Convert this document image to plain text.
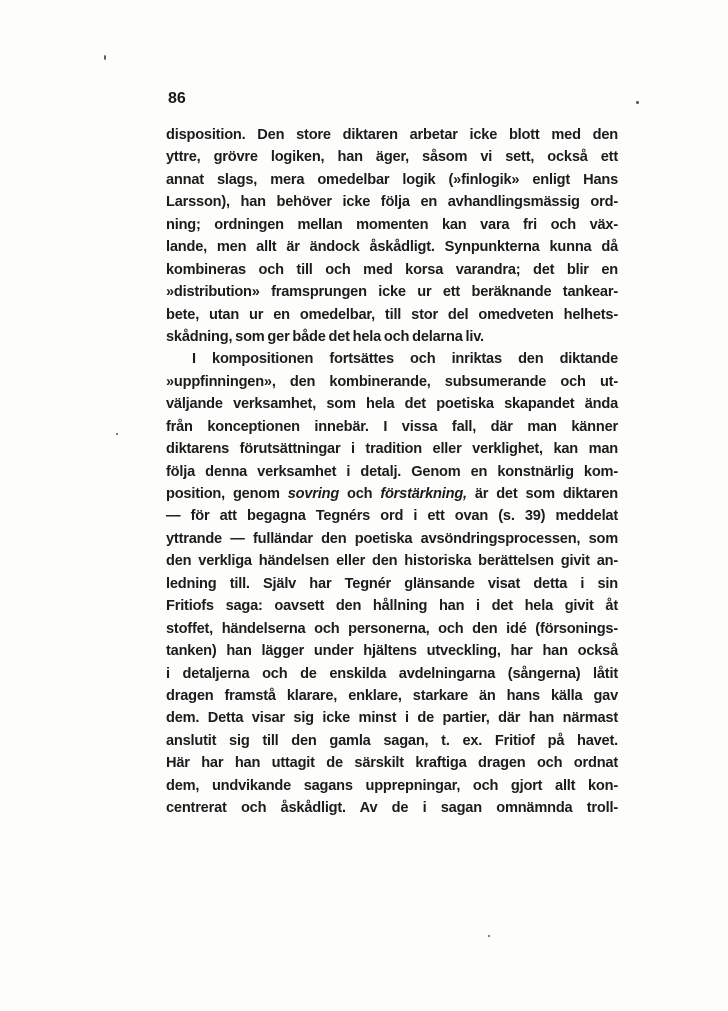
86
disposition. Den store diktaren arbetar icke blott med den
yttre, grövre logiken, han äger, såsom vi sett, också ett
annat slags, mera omedelbar logik (»finlogik» enligt Hans
Larsson), han behöver icke följa en avhandlingsmässig ord-
ning; ordningen mellan momenten kan vara fri och väx-
lande, men allt är ändock åskådligt. Synpunkterna kunna då
kombineras och till och med korsa varandra; det blir en
»distribution» framsprungen icke ur ett beräknande tankear-
bete, utan ur en omedelbar, till stor del omedveten helhets-
skådning, som ger både det hela och delarna liv.
I kompositionen fortsättes och inriktas den diktande
»uppfinningen», den kombinerande, subsumerande och ut-
väljande verksamhet, som hela det poetiska skapandet ända
från konceptionen innebär. I vissa fall, där man känner
diktarens förutsättningar i tradition eller verklighet, kan man
följa denna verksamhet i detalj. Genom en konstnärlig kom-
position, genom sovring och förstärkning, är det som diktaren
— för att begagna Tegnérs ord i ett ovan (s. 39) meddelat
yttrande — fulländar den poetiska avsöndringsprocessen, som
den verkliga händelsen eller den historiska berättelsen givit an-
ledning till. Själv har Tegnér glänsande visat detta i sin
Fritiofs saga: oavsett den hållning han i det hela givit åt
stoffet, händelserna och personerna, och den idé (försonings-
tanken) han lägger under hjältens utveckling, har han också
i detaljerna och de enskilda avdelningarna (sångerna) låtit
dragen framstå klarare, enklare, starkare än hans källa gav
dem. Detta visar sig icke minst i de partier, där han närmast
anslutit sig till den gamla sagan, t. ex. Fritiof på havet.
Här har han uttagit de särskilt kraftiga dragen och ordnat
dem, undvikande sagans upprepningar, och gjort allt kon-
centrerat och åskådligt. Av de i sagan omnämnda troll-
